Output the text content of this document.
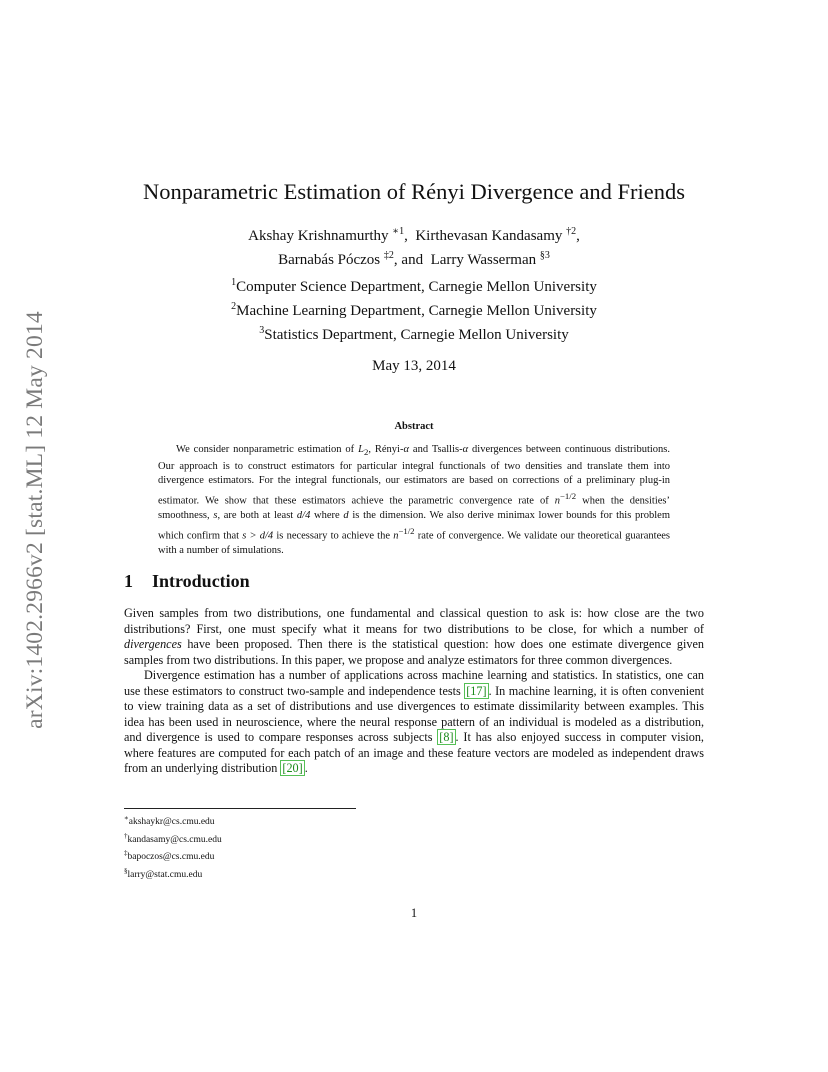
arXiv:1402.2966v2 [stat.ML] 12 May 2014
Nonparametric Estimation of Rényi Divergence and Friends
Akshay Krishnamurthy $^{∗1}$,  Kirthevasan Kandasamy $^{\dagger 2}$,
Barnabás Póczos $^{\ddagger 2}$, and Larry Wasserman $^{\S 3}$
$^1$Computer Science Department, Carnegie Mellon University
$^2$Machine Learning Department, Carnegie Mellon University
$^3$Statistics Department, Carnegie Mellon University
May 13, 2014
Abstract

We consider nonparametric estimation of $L_2$, Rényi-α and Tsallis-α divergences between continuous distributions. Our approach is to construct estimators for particular integral functionals of two densities and translate them into divergence estimators. For the integral functionals, our estimators are based on corrections of a preliminary plug-in estimator. We show that these estimators achieve the parametric convergence rate of $n^{-1/2}$ when the densities’ smoothness, s, are both at least d/4 where d is the dimension. We also derive minimax lower bounds for this problem which confirm that s > d/4 is necessary to achieve the $n^{-1/2}$ rate of convergence. We validate our theoretical guarantees with a number of simulations.

1 Introduction

Given samples from two distributions, one fundamental and classical question to ask is: how close are the two distributions? First, one must specify what it means for two distributions to be close, for which a number of divergences have been proposed. Then there is the statistical question: how does one estimate divergence given samples from two distributions. In this paper, we propose and analyze estimators for three common divergences.

Divergence estimation has a number of applications across machine learning and statistics. In statistics, one can use these estimators to construct two-sample and independence tests [17] . In machine learning, it is often convenient to view training data as a set of distributions and use divergences to estimate dissimilarity between examples. This idea has been used in neuroscience, where the neural response pattern of an individual is modeled as a distribution, and divergence is used to compare responses across subjects [8] . It has also enjoyed success in computer vision, where features are computed for each patch of an image and these feature vectors are modeled as independent draws from an underlying distribution [20] .

∗akshaykr@cs.cmu.edu
†kandasamy@cs.cmu.edu
‡bapoczos@cs.cmu.edu
§larry@stat.cmu.edu
1
